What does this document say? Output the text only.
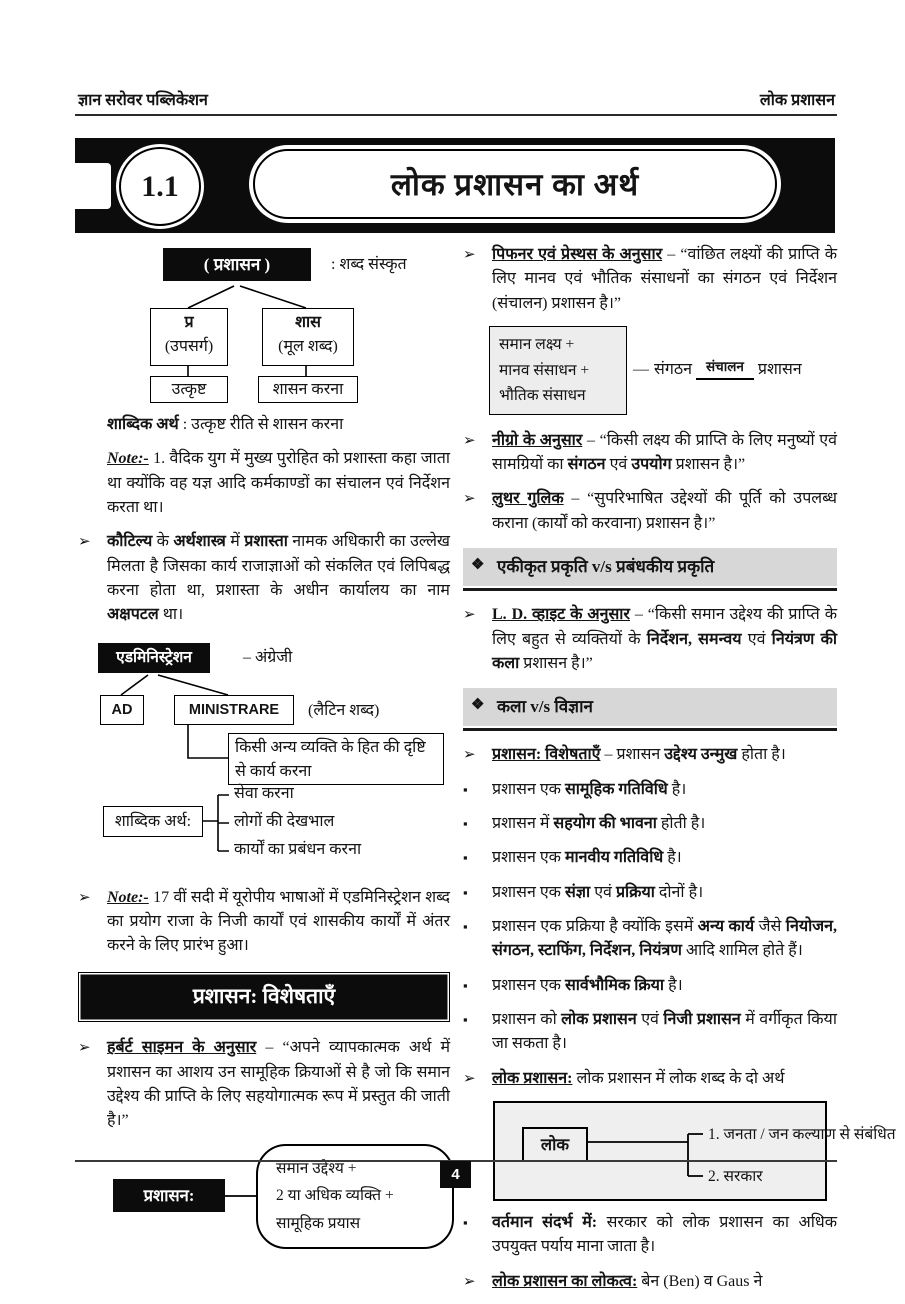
ज्ञान सरोवर पब्लिकेशन	लोक प्रशासन
1.1	लोक प्रशासन का अर्थ
( प्रशासन )	: शब्द संस्कृत
प्र
(उपसर्ग)
शास
(मूल शब्द)
उत्कृष्ट	शासन करना
शाब्दिक अर्थ : उत्कृष्ट रीति से शासन करना
Note:- 1. वैदिक युग में मुख्य पुरोहित को प्रशास्ता कहा जाता था क्योंकि वह यज्ञ आदि कर्मकाण्डों का संचालन एवं निर्देशन करता था।
➢ कौटिल्य के अर्थशास्त्र में प्रशास्ता नामक अधिकारी का उल्लेख मिलता है जिसका कार्य राजाज्ञाओं को संकलित एवं लिपिबद्ध करना होता था, प्रशास्ता के अधीन कार्यालय का नाम अक्षपटल था।
एडमिनिस्ट्रेशन	– अंग्रेजी
AD	MINISTRARE	(लैटिन शब्द)
किसी अन्य व्यक्ति के हित की दृष्टि से कार्य करना
शाब्दिक अर्थ:
सेवा करना
लोगों की देखभाल
कार्यों का प्रबंधन करना
➢ Note:- 17 वीं सदी में यूरोपीय भाषाओं में एडमिनिस्ट्रेशन शब्द का प्रयोग राजा के निजी कार्यों एवं शासकीय कार्यों में अंतर करने के लिए प्रारंभ हुआ।
प्रशासन: विशेषताएँ
➢ हर्बर्ट साइमन के अनुसार – “अपने व्यापकात्मक अर्थ में प्रशासन का आशय उन सामूहिक क्रियाओं से है जो कि समान उद्देश्य की प्राप्ति के लिए सहयोगात्मक रूप में प्रस्तुत की जाती है।”
प्रशासन:
समान उद्देश्य +
2 या अधिक व्यक्ति +
सामूहिक प्रयास
➢ पिफनर एवं प्रेस्थस के अनुसार – “वांछित लक्ष्यों की प्राप्ति के लिए मानव एवं भौतिक संसाधनों का संगठन एवं निर्देशन (संचालन) प्रशासन है।”
समान लक्ष्य +
मानव संसाधन +
भौतिक संसाधन
— संगठन	संचालन प्रशासन
➢ नीग्रो के अनुसार – “किसी लक्ष्य की प्राप्ति के लिए मनुष्यों एवं सामग्रियों का संगठन एवं उपयोग प्रशासन है।”
➢ लुथर गुलिक – “सुपरिभाषित उद्देश्यों की पूर्ति को उपलब्ध कराना (कार्यों को करवाना) प्रशासन है।”
❖ एकीकृत प्रकृति v/s प्रबंधकीय प्रकृति
➢ L. D. व्हाइट के अनुसार – “किसी समान उद्देश्य की प्राप्ति के लिए बहुत से व्यक्तियों के निर्देशन, समन्वय एवं नियंत्रण की कला प्रशासन है।”
❖ कला v/s विज्ञान
➢ प्रशासन: विशेषताएँ – प्रशासन उद्देश्य उन्मुख होता है।
▪ प्रशासन एक सामूहिक गतिविधि है।
▪ प्रशासन में सहयोग की भावना होती है।
▪ प्रशासन एक मानवीय गतिविधि है।
▪ प्रशासन एक संज्ञा एवं प्रक्रिया दोनों है।
▪ प्रशासन एक प्रक्रिया है क्योंकि इसमें अन्य कार्य जैसे नियोजन, संगठन, स्टाफिंग, निर्देशन, नियंत्रण आदि शामिल होते हैं।
▪ प्रशासन एक सार्वभौमिक क्रिया है।
▪ प्रशासन को लोक प्रशासन एवं निजी प्रशासन में वर्गीकृत किया जा सकता है।
➢ लोक प्रशासन: लोक प्रशासन में लोक शब्द के दो अर्थ
लोक
1. जनता / जन कल्याण से संबंधित
2. सरकार
▪ वर्तमान संदर्भ में: सरकार को लोक प्रशासन का अधिक उपयुक्त पर्याय माना जाता है।
➢ लोक प्रशासन का लोकत्व: बेन (Ben) व Gaus ने
4
